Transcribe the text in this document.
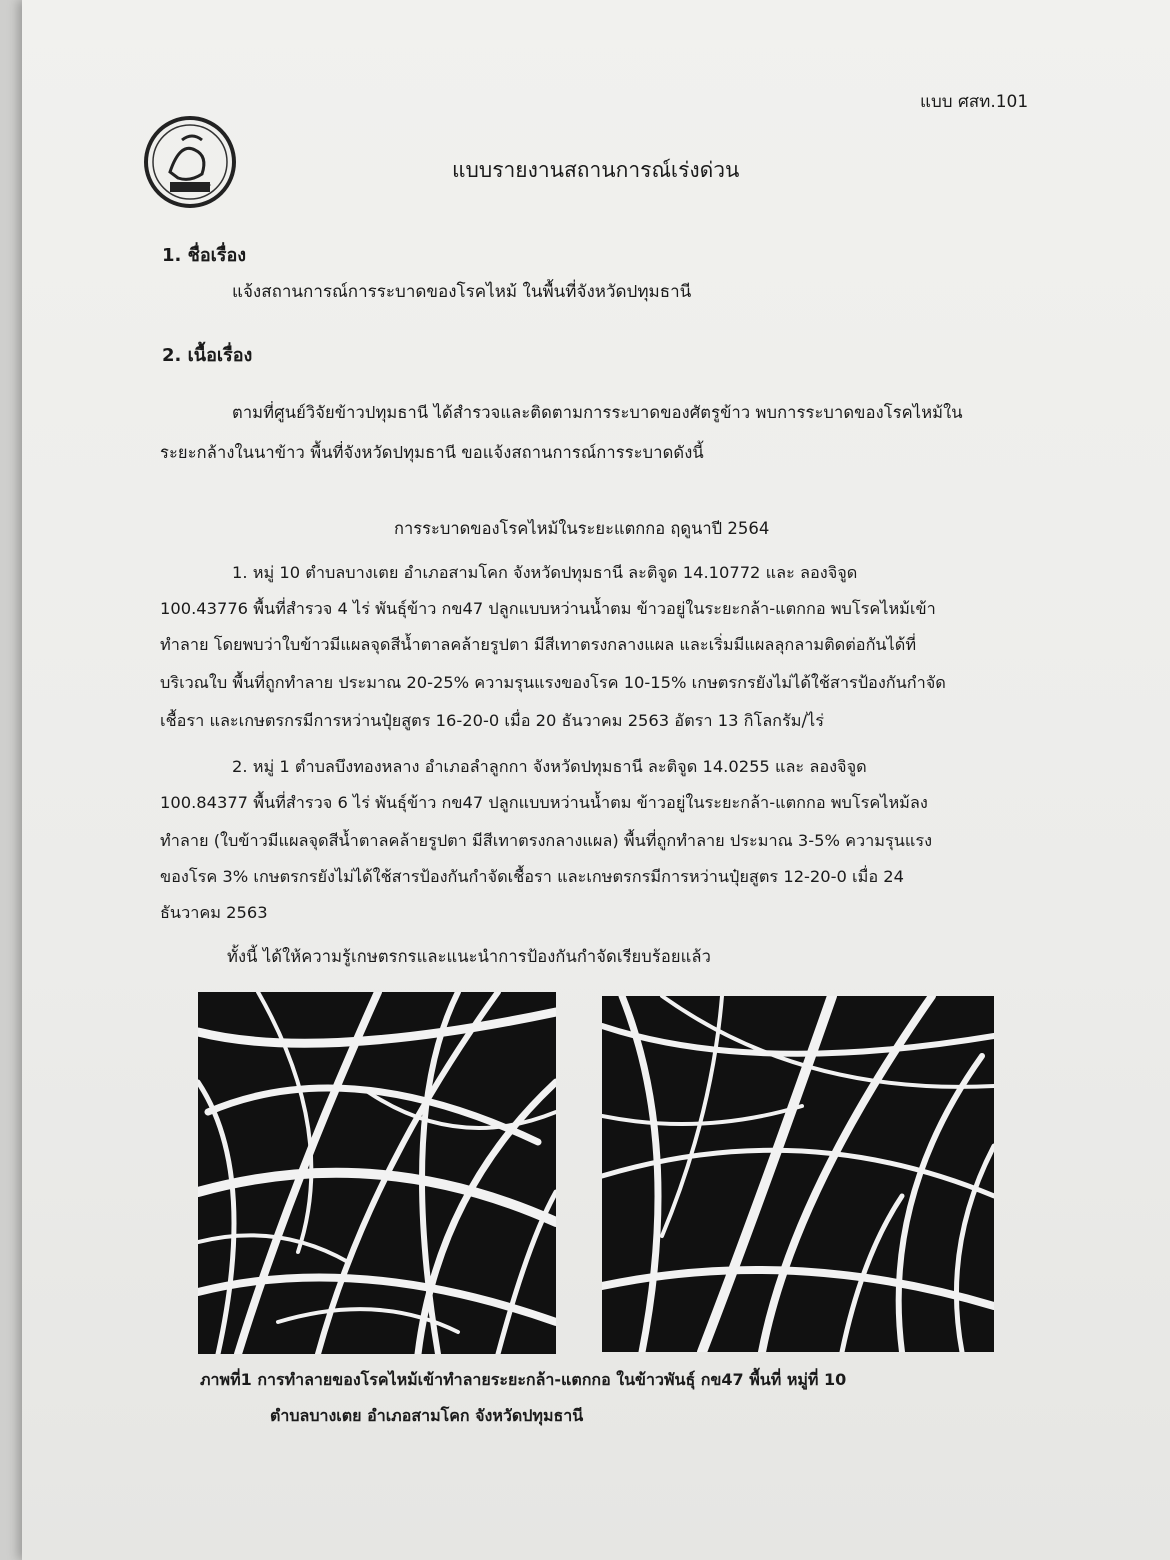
แบบ ศสท.101
แบบรายงานสถานการณ์เร่งด่วน
1. ชื่อเรื่อง
แจ้งสถานการณ์การระบาดของโรคไหม้ ในพื้นที่จังหวัดปทุมธานี
2. เนื้อเรื่อง
ตามที่ศูนย์วิจัยข้าวปทุมธานี ได้สำรวจและติดตามการระบาดของศัตรูข้าว พบการระบาดของโรคไหม้ใน
ระยะกล้างในนาข้าว พื้นที่จังหวัดปทุมธานี ขอแจ้งสถานการณ์การระบาดดังนี้
การระบาดของโรคไหม้ในระยะแตกกอ ฤดูนาปี 2564
1. หมู่ 10 ตำบลบางเตย อำเภอสามโคก จังหวัดปทุมธานี ละติจูด 14.10772 และ ลองจิจูด
100.43776 พื้นที่สำรวจ 4 ไร่ พันธุ์ข้าว กข47 ปลูกแบบหว่านน้ำตม ข้าวอยู่ในระยะกล้า-แตกกอ พบโรคไหม้เข้า
ทำลาย โดยพบว่าใบข้าวมีแผลจุดสีน้ำตาลคล้ายรูปตา มีสีเทาตรงกลางแผล และเริ่มมีแผลลุกลามติดต่อกันได้ที่
บริเวณใบ พื้นที่ถูกทำลาย ประมาณ 20-25% ความรุนแรงของโรค 10-15% เกษตรกรยังไม่ได้ใช้สารป้องกันกำจัด
เชื้อรา และเกษตรกรมีการหว่านปุ๋ยสูตร 16-20-0 เมื่อ 20 ธันวาคม 2563 อัตรา 13 กิโลกรัม/ไร่
2. หมู่ 1 ตำบลบึงทองหลาง อำเภอลำลูกกา จังหวัดปทุมธานี ละติจูด 14.0255 และ ลองจิจูด
100.84377 พื้นที่สำรวจ 6 ไร่ พันธุ์ข้าว กข47 ปลูกแบบหว่านน้ำตม ข้าวอยู่ในระยะกล้า-แตกกอ พบโรคไหม้ลง
ทำลาย (ใบข้าวมีแผลจุดสีน้ำตาลคล้ายรูปตา มีสีเทาตรงกลางแผล) พื้นที่ถูกทำลาย ประมาณ 3-5% ความรุนแรง
ของโรค 3% เกษตรกรยังไม่ได้ใช้สารป้องกันกำจัดเชื้อรา และเกษตรกรมีการหว่านปุ๋ยสูตร 12-20-0 เมื่อ 24
ธันวาคม 2563
ทั้งนี้ ได้ให้ความรู้เกษตรกรและแนะนำการป้องกันกำจัดเรียบร้อยแล้ว
ภาพที่1 การทำลายของโรคไหม้เข้าทำลายระยะกล้า-แตกกอ ในข้าวพันธุ์ กข47 พื้นที่ หมู่ที่ 10
ตำบลบางเตย อำเภอสามโคก จังหวัดปทุมธานี
